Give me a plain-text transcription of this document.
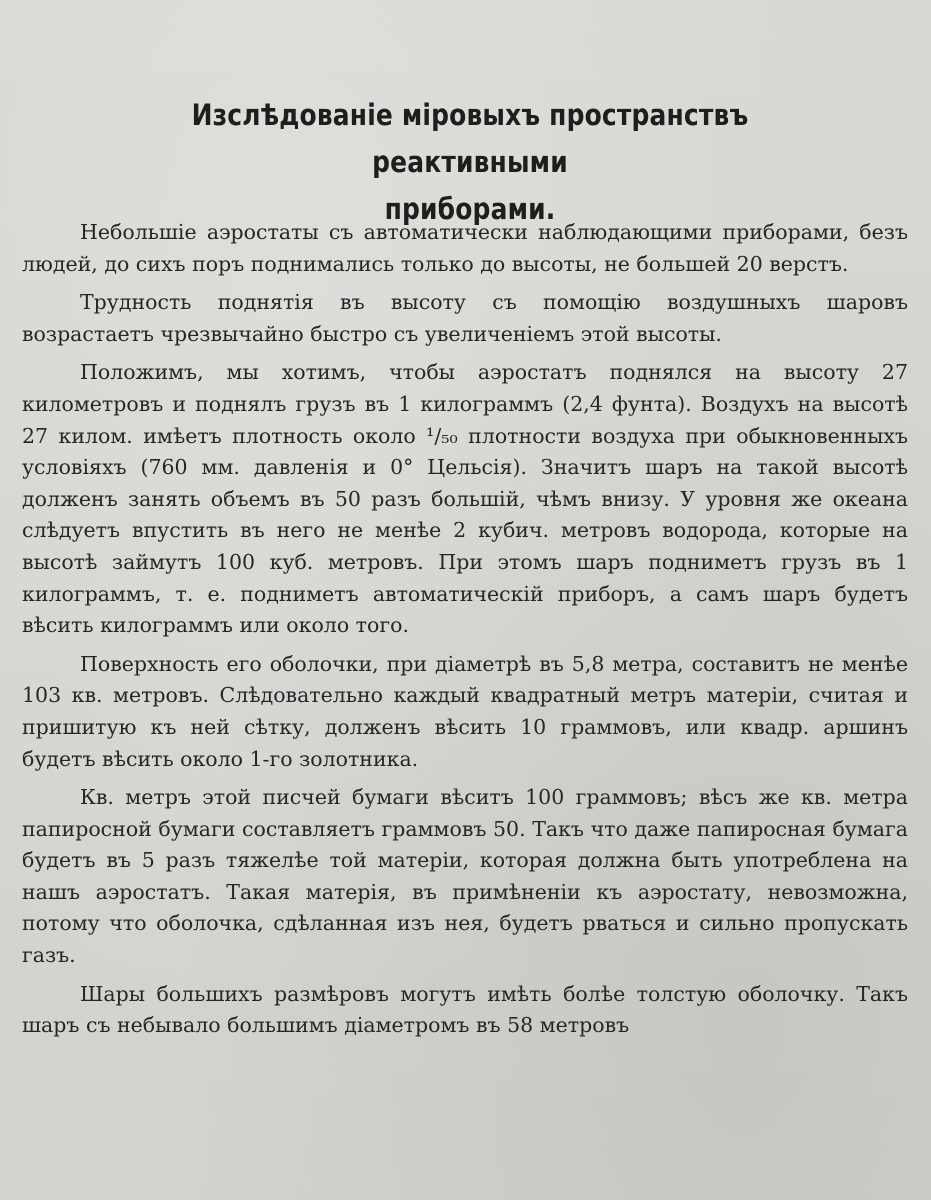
Изслѣдованіе міровыхъ пространствъ реактивными
приборами.

Небольшіе аэростаты съ автоматически наблюдающими приборами, безъ людей, до сихъ поръ поднимались только до высоты, не большей 20 верстъ.

Трудность поднятія въ высоту съ помощію воздушныхъ шаровъ возрастаетъ чрезвычайно быстро съ увеличеніемъ этой высоты.

Положимъ, мы хотимъ, чтобы аэростатъ поднялся на высоту 27 километровъ и поднялъ грузъ въ 1 килограммъ (2,4 фунта). Воздухъ на высотѣ 27 килом. имѣетъ плотность около ¹/₅₀ плотности воздуха при обыкновенныхъ условіяхъ (760 мм. давленія и 0° Цельсія). Значитъ шаръ на такой высотѣ долженъ занять объемъ въ 50 разъ большій, чѣмъ внизу. У уровня же океана слѣдуетъ впустить въ него не менѣе 2 кубич. метровъ водорода, которые на высотѣ займутъ 100 куб. метровъ. При этомъ шаръ подниметъ грузъ въ 1 килограммъ, т. е. подниметъ автоматическій приборъ, а самъ шаръ будетъ вѣсить килограммъ или около того.

Поверхность его оболочки, при діаметрѣ въ 5,8 метра, составитъ не менѣе 103 кв. метровъ. Слѣдовательно каждый квадратный метръ матеріи, считая и пришитую къ ней сѣтку, долженъ вѣсить 10 граммовъ, или квадр. аршинъ будетъ вѣсить около 1-го золотника.

Кв. метръ этой писчей бумаги вѣситъ 100 граммовъ; вѣсъ же кв. метра папиросной бумаги составляетъ граммовъ 50. Такъ что даже папиросная бумага будетъ въ 5 разъ тяжелѣе той матеріи, которая должна быть употреблена на нашъ аэростатъ. Такая матерія, въ примѣненіи къ аэростату, невозможна, потому что оболочка, сдѣланная изъ нея, будетъ рваться и сильно пропускать газъ.

Шары большихъ размѣровъ могутъ имѣть болѣе толстую оболочку. Такъ шаръ съ небывало большимъ діаметромъ въ 58 метровъ
